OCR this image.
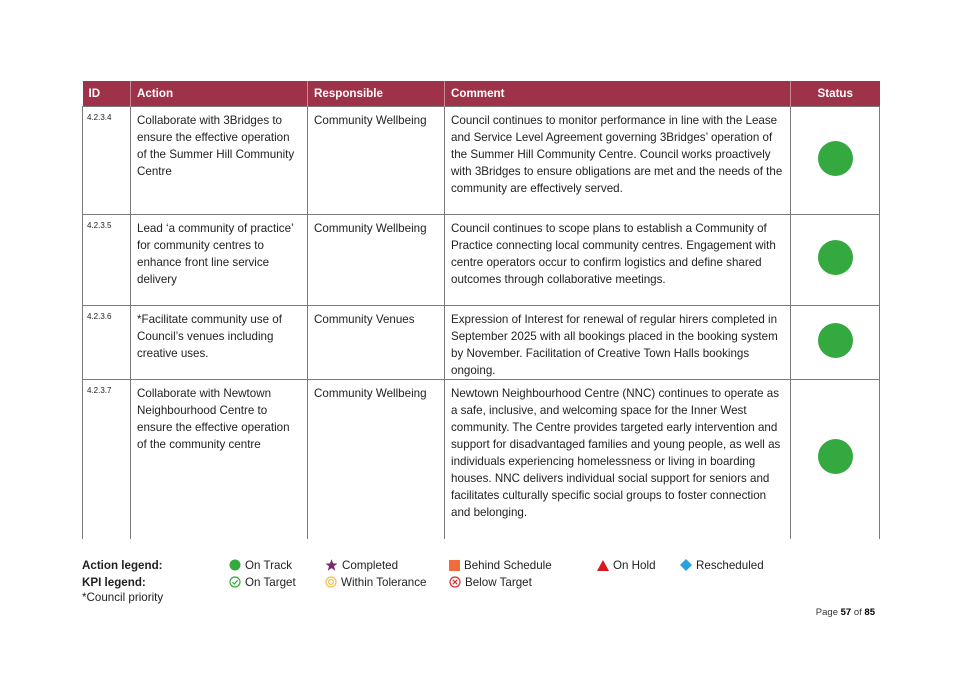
ID	Action	Responsible	Comment	Status
4.2.3.4	Collaborate with 3Bridges to ensure the effective operation of the Summer Hill Community Centre	Community Wellbeing	Council continues to monitor performance in line with the Lease and Service Level Agreement governing 3Bridges’ operation of the Summer Hill Community Centre. Council works proactively with 3Bridges to ensure obligations are met and the needs of the community are effectively served.	
4.2.3.5	Lead ‘a community of practice’ for community centres to enhance front line service delivery	Community Wellbeing	Council continues to scope plans to establish a Community of Practice connecting local community centres. Engagement with centre operators occur to confirm logistics and define shared outcomes through collaborative meetings.	
4.2.3.6	*Facilitate community use of Council’s venues including creative uses.	Community Venues	Expression of Interest for renewal of regular hirers completed in September 2025 with all bookings placed in the booking system by November. Facilitation of Creative Town Halls bookings ongoing.	
4.2.3.7	Collaborate with Newtown Neighbourhood Centre to ensure the effective operation of the community centre	Community Wellbeing	Newtown Neighbourhood Centre (NNC) continues to operate as a safe, inclusive, and welcoming space for the Inner West community. The Centre provides targeted early intervention and support for disadvantaged families and young people, as well as individuals experiencing homelessness or living in boarding houses. NNC delivers individual social support for seniors and facilitates culturally specific social groups to foster connection and belonging.	
Action legend:
KPI legend:
On Track	Completed	Behind Schedule	On Hold	Rescheduled
On Target	Within Tolerance	Below Target
*Council priority
Page 57 of 85
